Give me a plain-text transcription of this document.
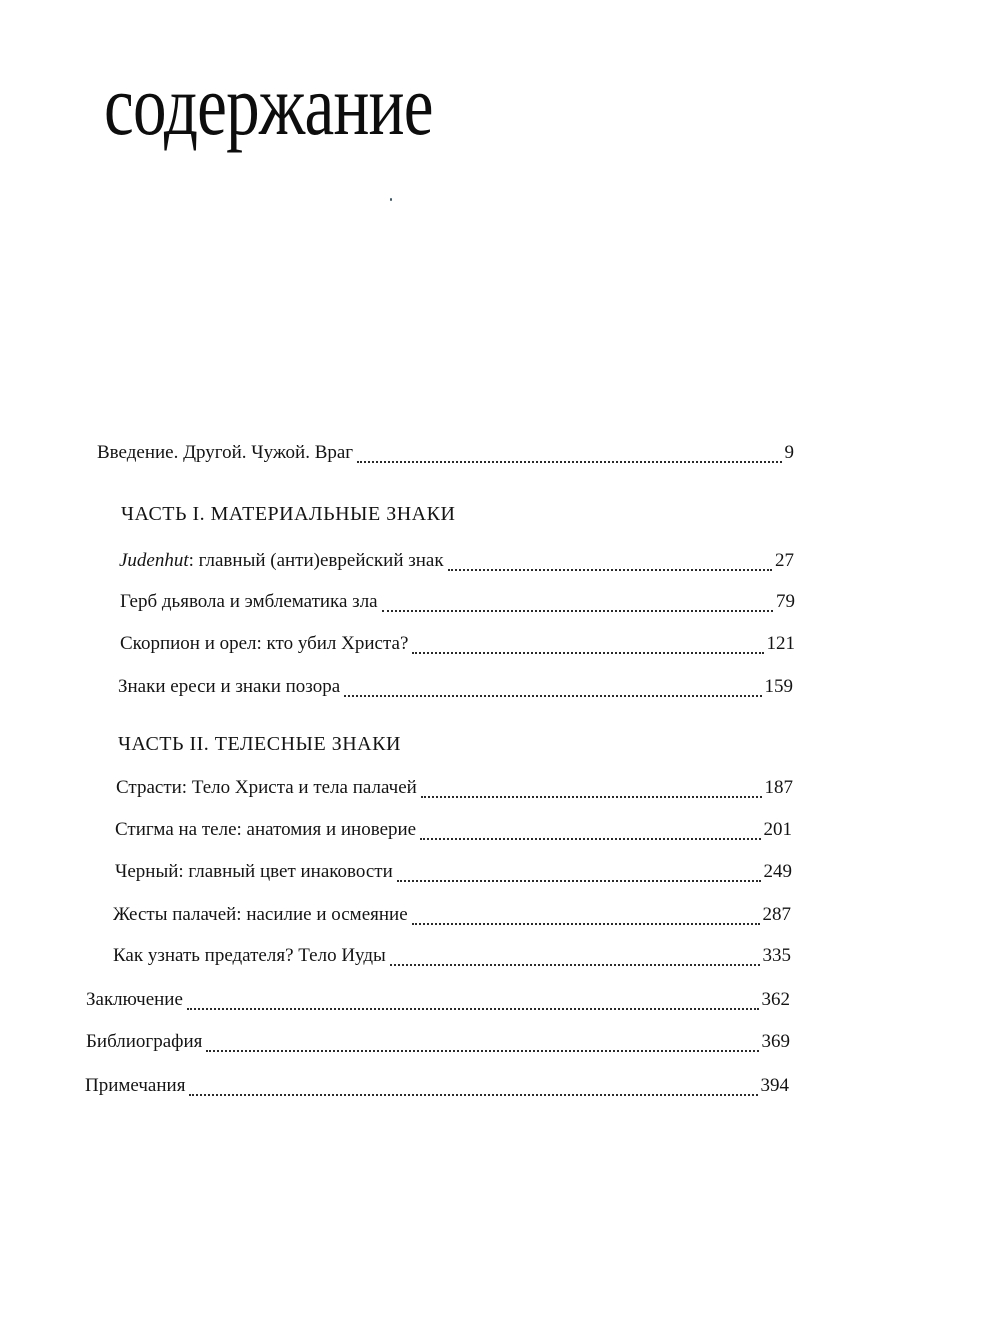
содержание
Введение. Другой. Чужой. Враг	9
ЧАСТЬ I. МАТЕРИАЛЬНЫЕ ЗНАКИ
Judenhut: главный (анти)еврейский знак	27
Герб дьявола и эмблематика зла	79
Скорпион и орел: кто убил Христа?	121
Знаки ереси и знаки позора	159
ЧАСТЬ II. ТЕЛЕСНЫЕ ЗНАКИ
Страсти: Тело Христа и тела палачей	187
Стигма на теле: анатомия и иноверие	201
Черный: главный цвет инаковости	249
Жесты палачей: насилие и осмеяние	287
Как узнать предателя? Тело Иуды	335
Заключение	362
Библиография	369
Примечания	394
